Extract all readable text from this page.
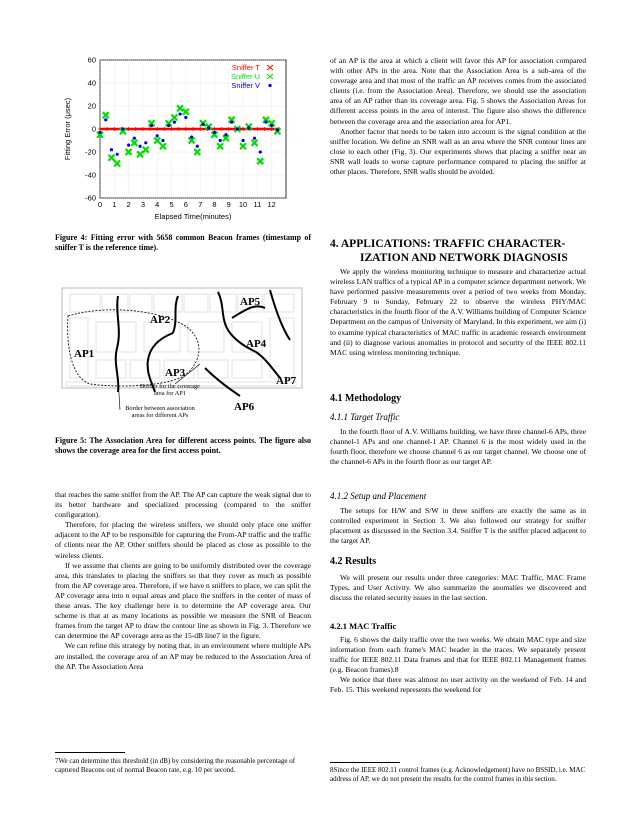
60
40
20
0
-20
-40
-60
0 1 2 3 4 5 6 7 8 9 10 11 12
Elapsed Time(minutes)
Fitting Error (μsec)
Sniffer T
Sniffer U
Sniffer V
Figure 4: Fitting error with 5658 common Beacon frames (timestamp of sniffer T is the reference time).
AP1
AP2
AP3
AP4
AP5
AP6
AP7
Border for the coverage
area for AP1
Border between association
areas for different APs
Figure 5: The Association Area for different access points. The figure also shows the coverage area for the first access point.

that reaches the same sniffer from the AP. The AP can capture the weak signal due to its better hardware and specialized processing (compared to the sniffer configuration).

Therefore, for placing the wireless sniffers, we should only place one sniffer adjacent to the AP to be responsible for capturing the From-AP traffic and the traffic of clients near the AP. Other sniffers should be placed as close as possible to the wireless clients.

If we assume that clients are going to be uniformly distributed over the coverage area, this translates to placing the sniffers so that they cover as much as possible from the AP coverage area. Therefore, if we have n sniffers to place, we can split the AP coverage area into n equal areas and place the sniffers in the center of mass of these areas. The key challenge here is to determine the AP coverage area. Our scheme is that at as many locations as possible we measure the SNR of Beacon frames from the target AP to draw the contour line as shown in Fig. 3. Therefore we can determine the AP coverage area as the 15-dB line7 in the figure.

We can refine this strategy by noting that, in an environment where multiple APs are installed, the coverage area of an AP may be reduced to the Association Area of the AP. The Association Area

7We can determine this threshold (in dB) by considering the reasonable percentage of captured Beacons out of normal Beacon rate, e.g. 10 per second.

of an AP is the area at which a client will favor this AP for association compared with other APs in the area. Note that the Association Area is a sub-area of the coverage area and that most of the traffic an AP receives comes from the associated clients (i.e. from the Association Area). Therefore, we should use the association area of an AP rather than its coverage area. Fig. 5 shows the Association Areas for different access points in the area of interest. The figure also shows the difference between the coverage area and the association area for AP1.

Another factor that needs to be taken into account is the signal condition at the sniffer location. We define an SNR wall as an area where the SNR contour lines are close to each other (Fig. 3). Our experiments shows that placing a sniffer near an SNR wall leads to worse capture performance compared to placing the sniffer at other places. Therefore, SNR walls should be avoided.

4. APPLICATIONS: TRAFFIC CHARACTER-
IZATION AND NETWORK DIAGNOSIS

We apply the wireless monitoring technique to measure and characterize actual wireless LAN traffics of a typical AP in a computer science department network. We have performed passive measurements over a period of two weeks from Monday, February 9 to Sunday, February 22 to observe the wireless PHY/MAC characteristics in the fourth floor of the A.V. Williams building of Computer Science Department on the campus of University of Maryland. In this experiment, we aim (i) to examine typical characteristics of MAC traffic in academic research environment and (ii) to diagnose various anomalies in protocol and security of the IEEE 802.11 MAC using wireless monitoring technique.

4.1 Methodology
4.1.1 Target Traffic

In the fourth floor of A.V. Williams building, we have three channel-6 APs, three channel-1 APs and one channel-1 AP. Channel 6 is the most widely used in the fourth floor, therefore we choose channel 6 as our target channel. We choose one of the channel-6 APs in the fourth floor as our target AP.

4.1.2 Setup and Placement

The setups for H/W and S/W in three sniffers are exactly the same as in controlled experiment in Section 3. We also followed our strategy for sniffer placement as discussed in the Section 3.4. Sniffer T is the sniffer placed adjacent to the target AP.

4.2 Results

We will present our results under three categories: MAC Traffic, MAC Frame Types, and User Activity. We also summarize the anomalies we discovered and discuss the related security issues in the last section.

4.2.1 MAC Traffic

Fig. 6 shows the daily traffic over the two weeks. We obtain MAC type and size information from each frame's MAC header in the traces. We separately present traffic for IEEE 802.11 Data frames and that for IEEE 802.11 Management frames (e.g. Beacon frames).8

We notice that there was almost no user activity on the weekend of Feb. 14 and Feb. 15. This weekend represents the weekend for

8Since the IEEE 802.11 control frames (e.g. Acknowledgement) have no BSSID, i.e. MAC address of AP, we do not present the results for the control frames in this section.
